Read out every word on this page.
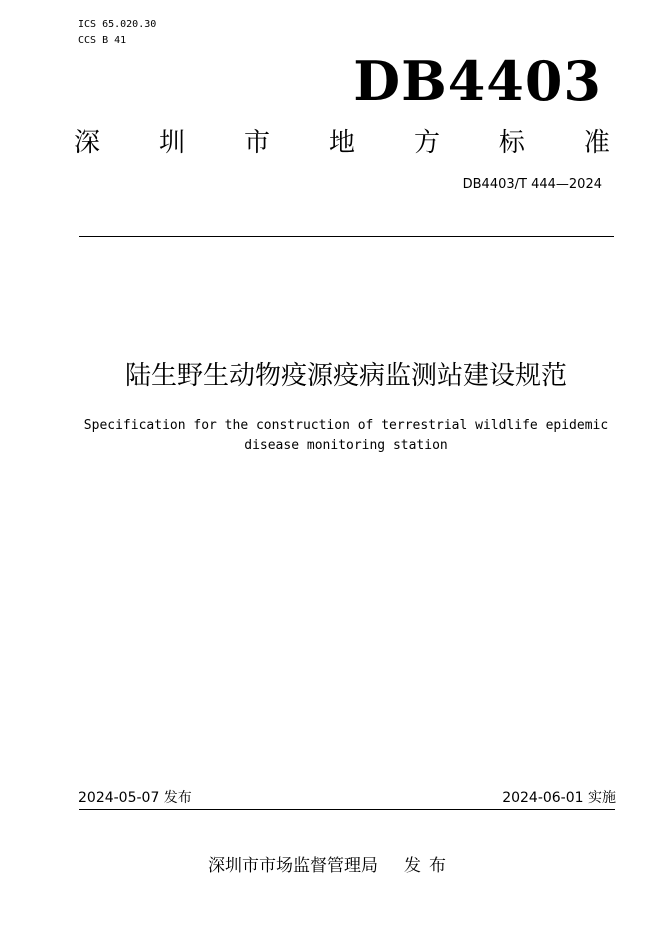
ICS 65.020.30
CCS B 41
DB4403
深 圳 市 地 方 标 准
DB4403/T 444—2024
陆生野生动物疫源疫病监测站建设规范
Specification for the construction of terrestrial wildlife epidemic
disease monitoring station
2024-05-07 发布	2024-06-01 实施
深圳市市场监督管理局 发布
